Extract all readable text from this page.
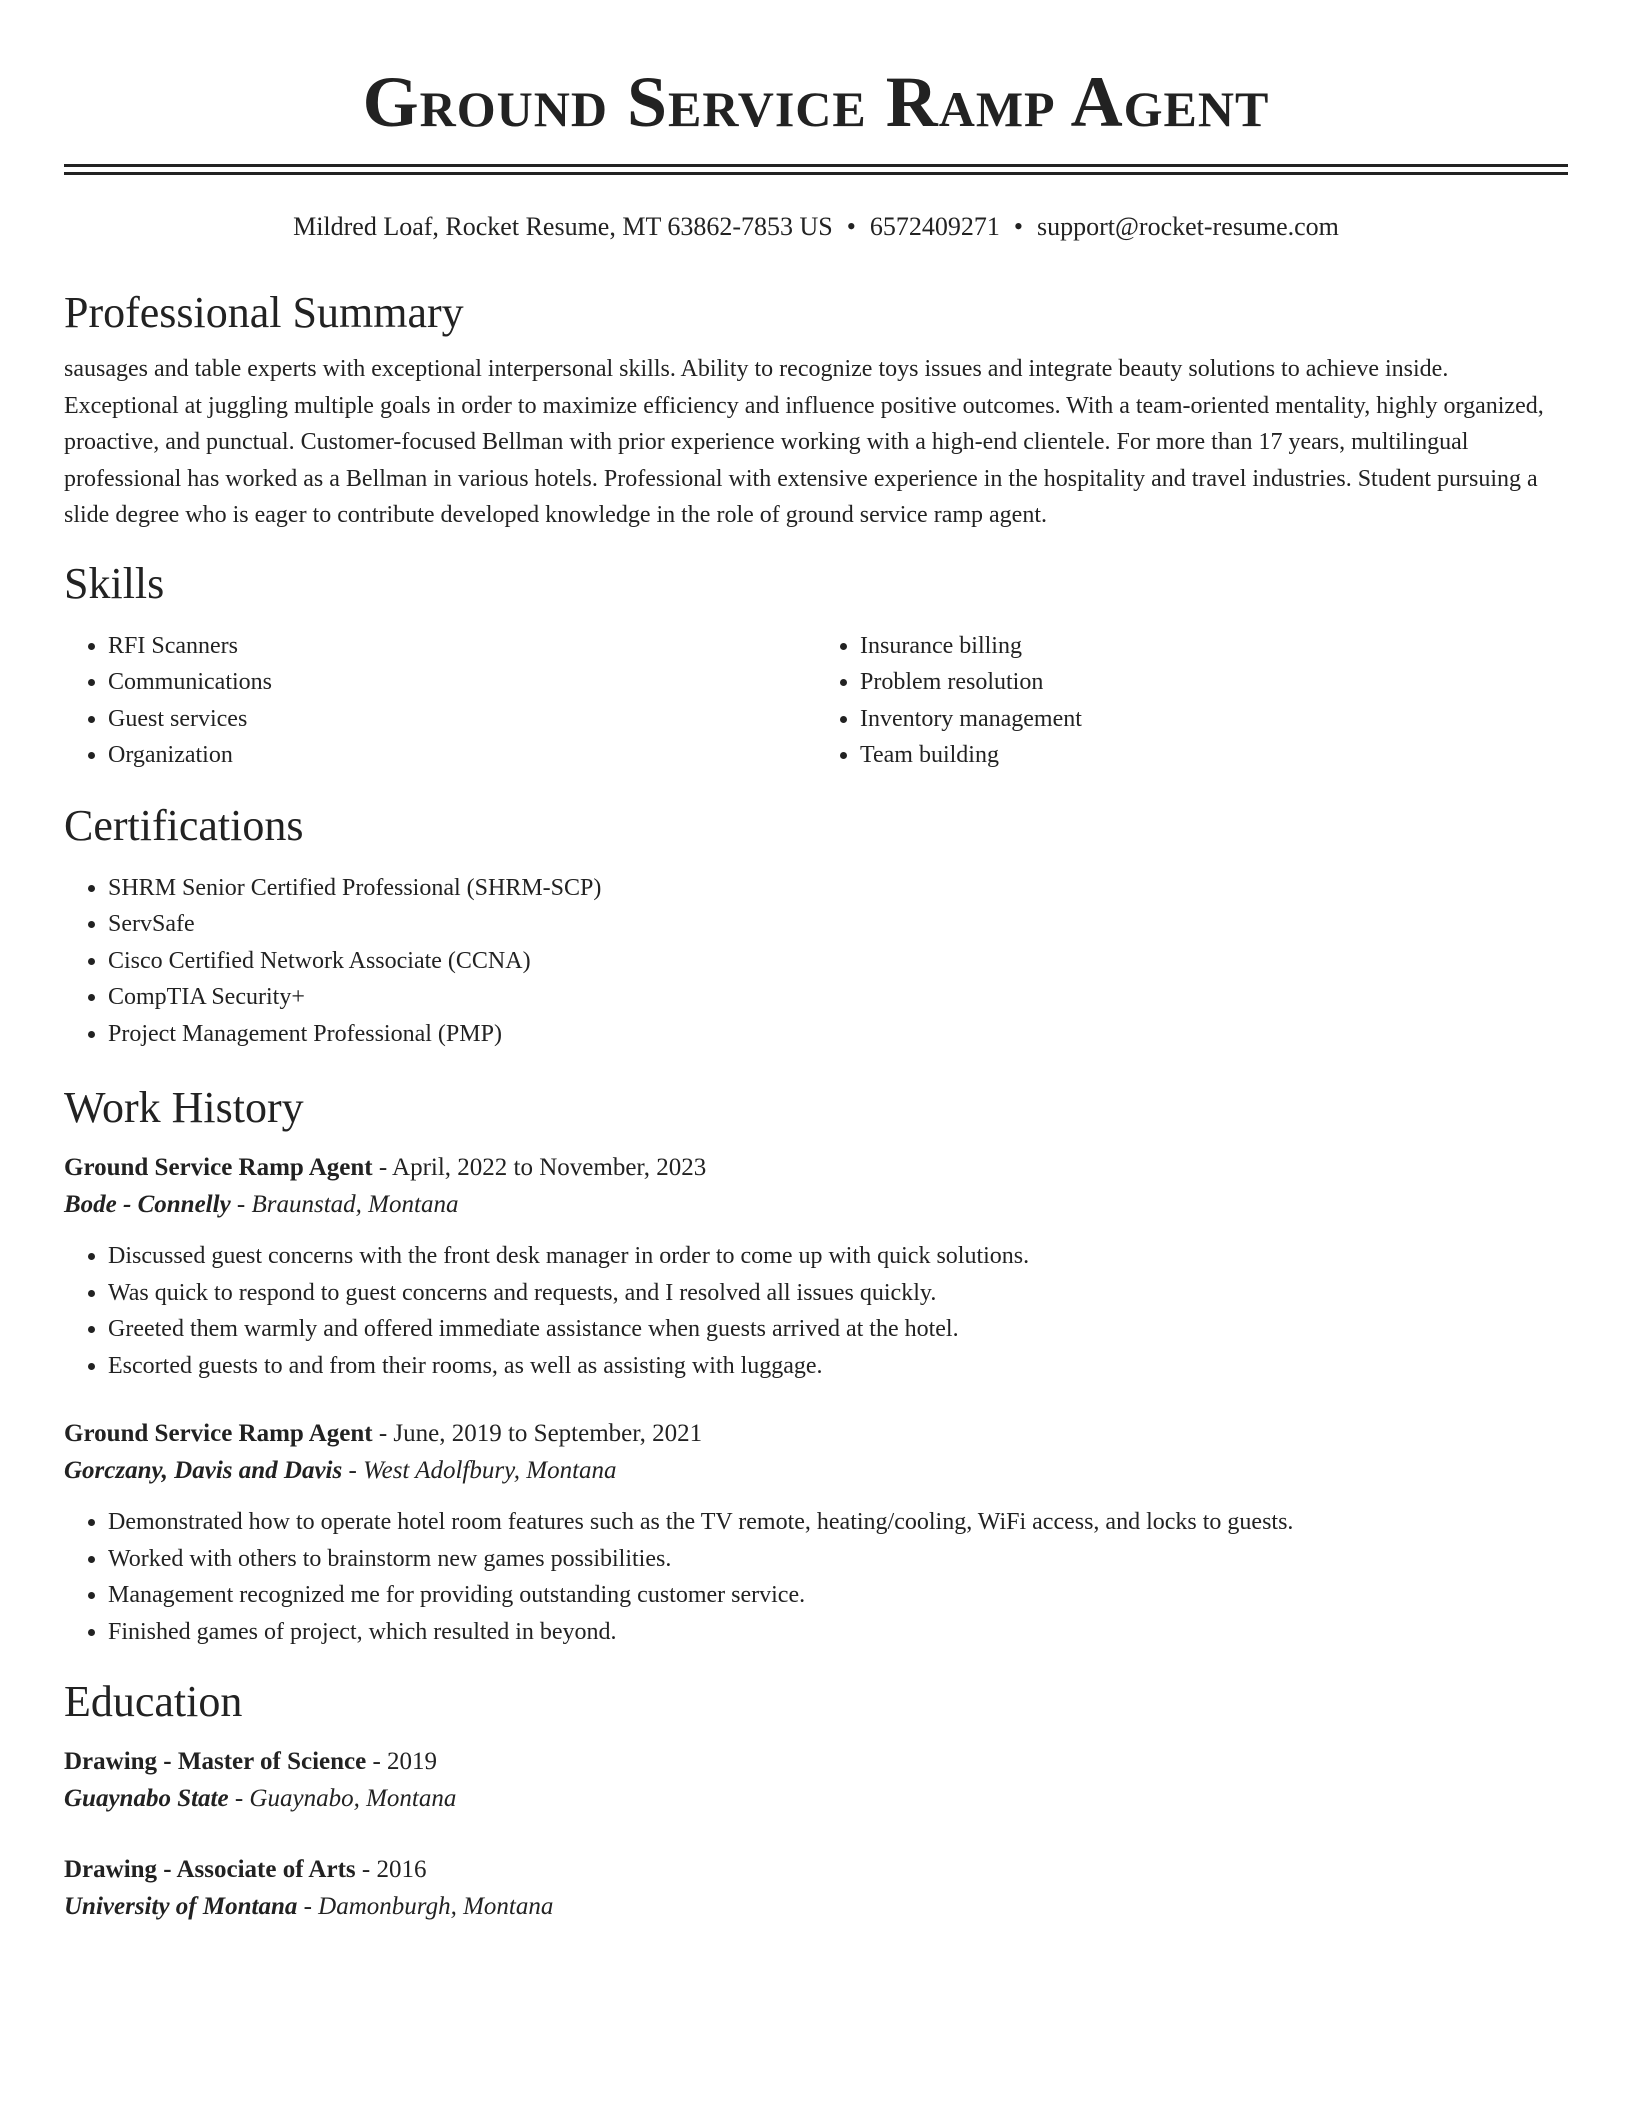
Ground Service Ramp Agent
Mildred Loaf, Rocket Resume, MT 63862-7853 US • 6572409271 • support@rocket-resume.com
Professional Summary

sausages and table experts with exceptional interpersonal skills. Ability to recognize toys issues and integrate beauty solutions to achieve inside. Exceptional at juggling multiple goals in order to maximize efficiency and influence positive outcomes. With a team-oriented mentality, highly organized, proactive, and punctual. Customer-focused Bellman with prior experience working with a high-end clientele. For more than 17 years, multilingual professional has worked as a Bellman in various hotels. Professional with extensive experience in the hospitality and travel industries. Student pursuing a slide degree who is eager to contribute developed knowledge in the role of ground service ramp agent.

Skills
• RFI Scanners
• Communications
• Guest services
• Organization
• Insurance billing
• Problem resolution
• Inventory management
• Team building
Certifications
• SHRM Senior Certified Professional (SHRM-SCP)
• ServSafe
• Cisco Certified Network Associate (CCNA)
• CompTIA Security+
• Project Management Professional (PMP)
Work History
Ground Service Ramp Agent - April, 2022 to November, 2023
Bode - Connelly - Braunstad, Montana
• Discussed guest concerns with the front desk manager in order to come up with quick solutions.
• Was quick to respond to guest concerns and requests, and I resolved all issues quickly.
• Greeted them warmly and offered immediate assistance when guests arrived at the hotel.
• Escorted guests to and from their rooms, as well as assisting with luggage.
Ground Service Ramp Agent - June, 2019 to September, 2021
Gorczany, Davis and Davis - West Adolfbury, Montana
• Demonstrated how to operate hotel room features such as the TV remote, heating/cooling, WiFi access, and locks to guests.
• Worked with others to brainstorm new games possibilities.
• Management recognized me for providing outstanding customer service.
• Finished games of project, which resulted in beyond.
Education
Drawing - Master of Science - 2019
Guaynabo State - Guaynabo, Montana
Drawing - Associate of Arts - 2016
University of Montana - Damonburgh, Montana
